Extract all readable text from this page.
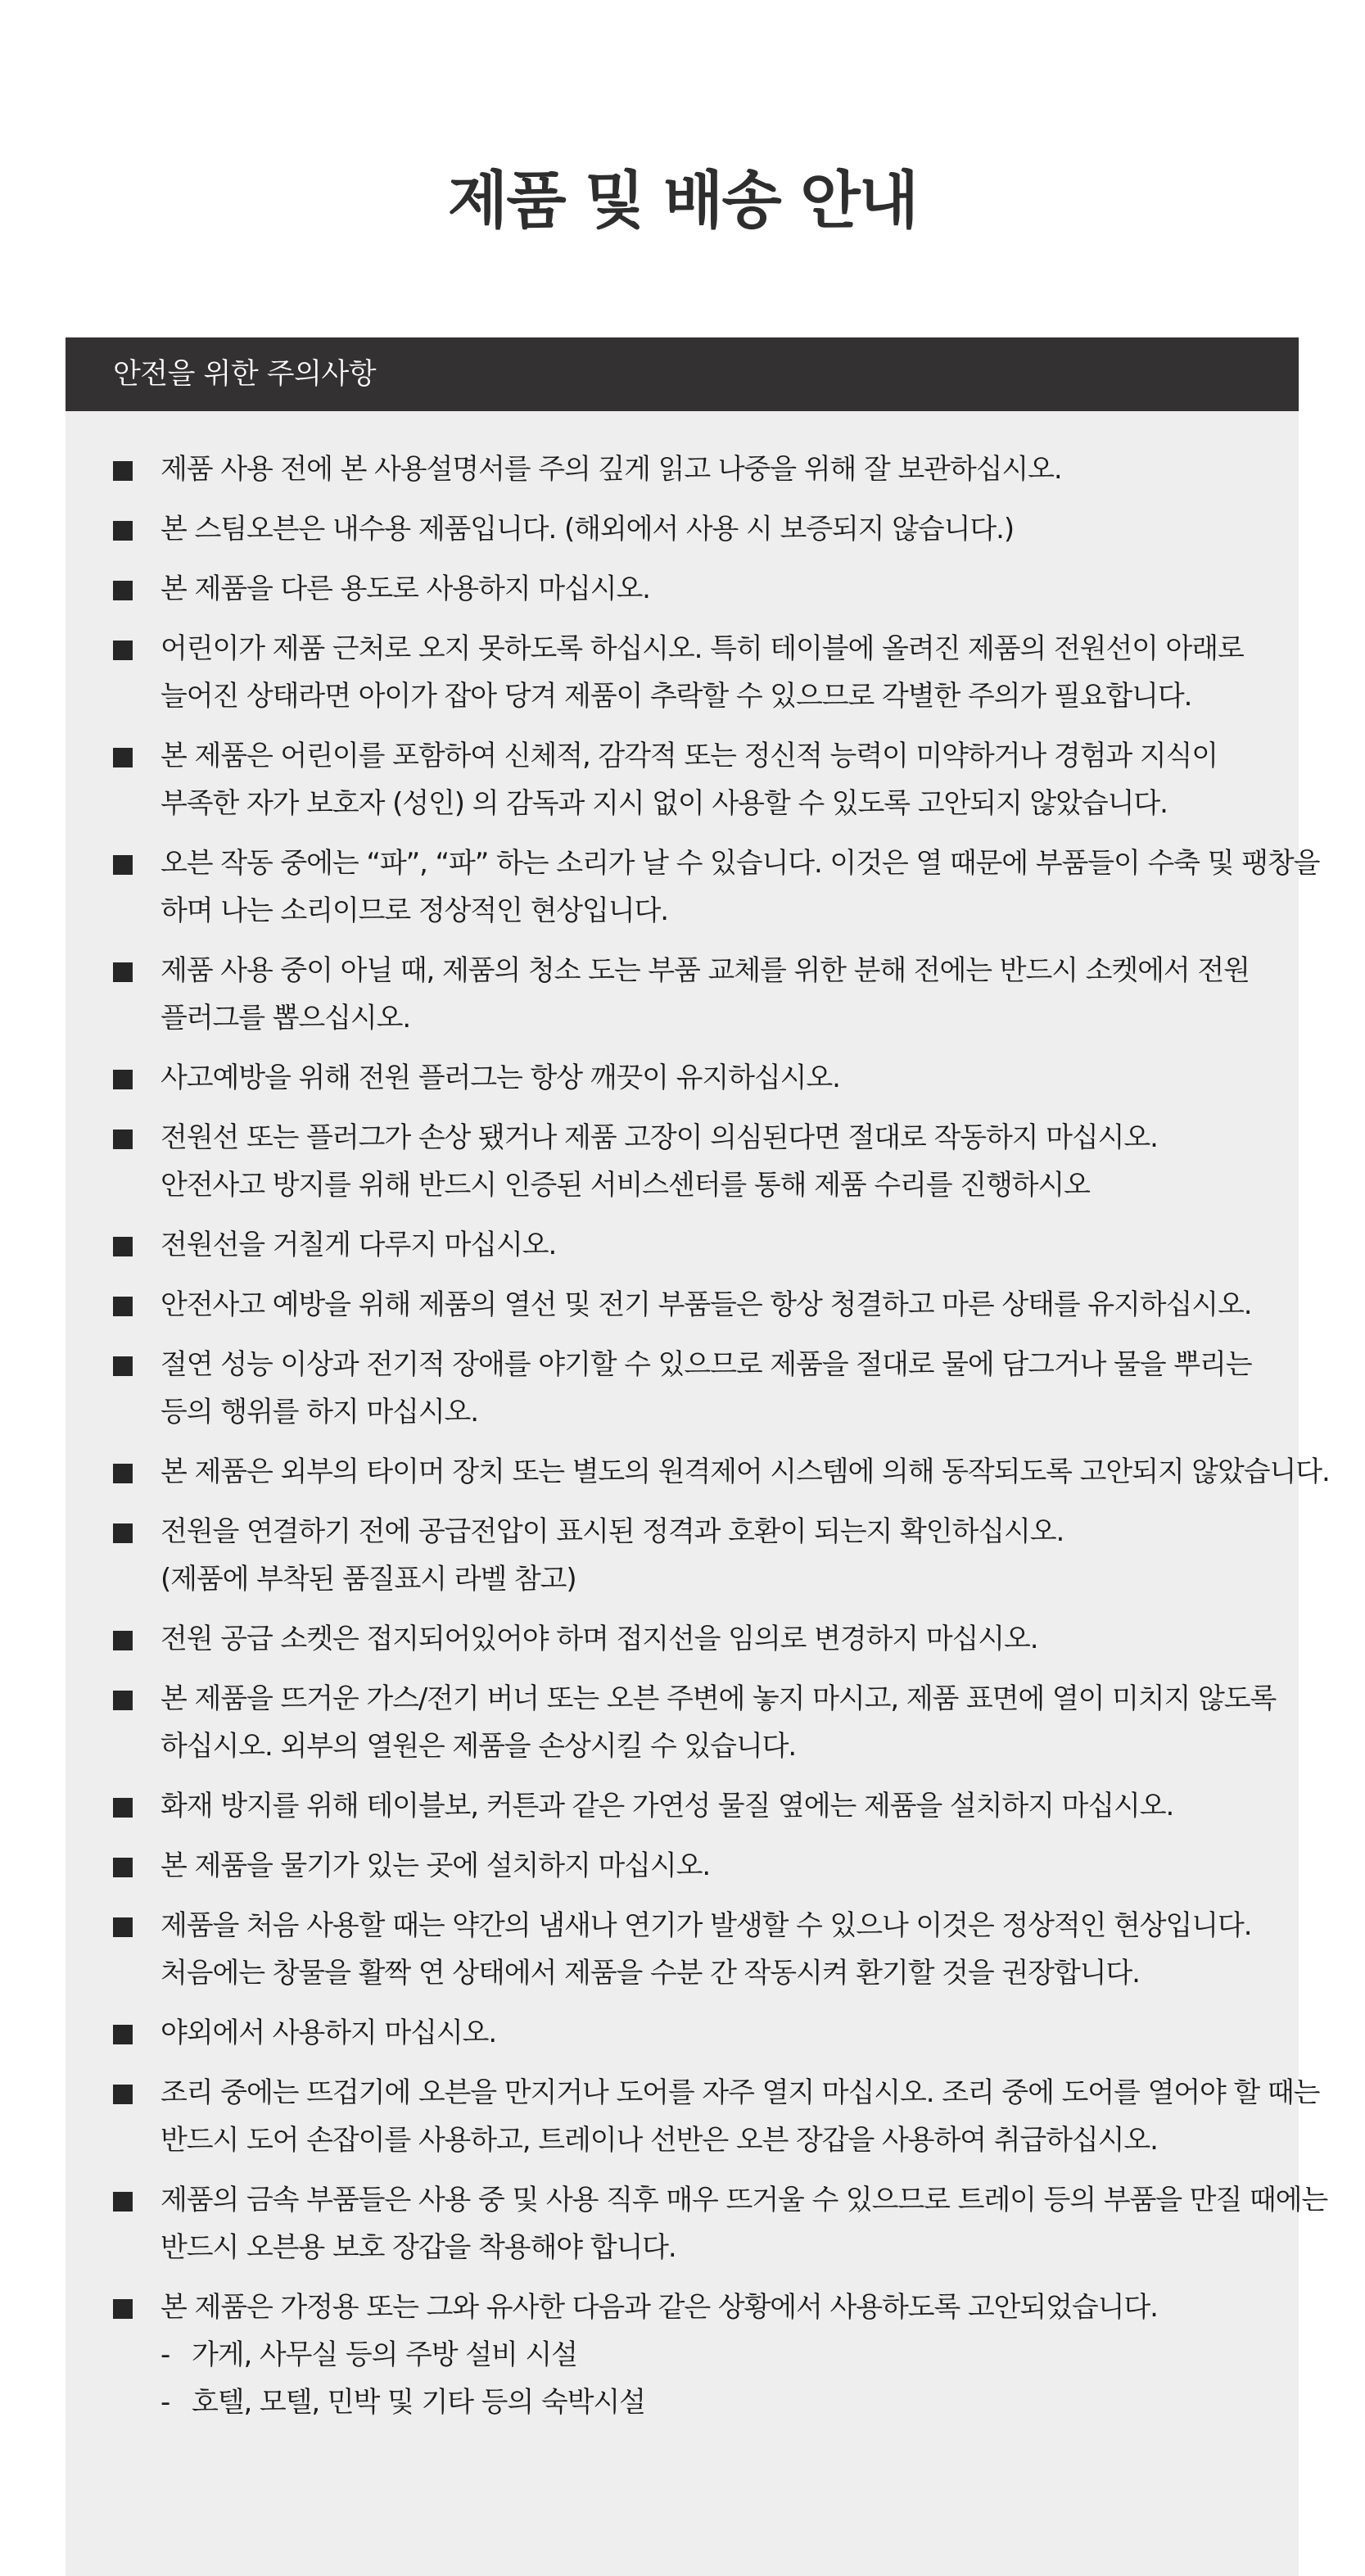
제품 및 배송 안내
안전을 위한 주의사항
제품 사용 전에 본 사용설명서를 주의 깊게 읽고 나중을 위해 잘 보관하십시오.
본 스팀오븐은 내수용 제품입니다. (해외에서 사용 시 보증되지 않습니다.)
본 제품을 다른 용도로 사용하지 마십시오.
어린이가 제품 근처로 오지 못하도록 하십시오. 특히 테이블에 올려진 제품의 전원선이 아래로
늘어진 상태라면 아이가 잡아 당겨 제품이 추락할 수 있으므로 각별한 주의가 필요합니다.
본 제품은 어린이를 포함하여 신체적, 감각적 또는 정신적 능력이 미약하거나 경험과 지식이
부족한 자가 보호자 (성인) 의 감독과 지시 없이 사용할 수 있도록 고안되지 않았습니다.
오븐 작동 중에는 “파”, “파” 하는 소리가 날 수 있습니다. 이것은 열 때문에 부품들이 수축 및 팽창을
하며 나는 소리이므로 정상적인 현상입니다.
제품 사용 중이 아닐 때, 제품의 청소 도는 부품 교체를 위한 분해 전에는 반드시 소켓에서 전원
플러그를 뽑으십시오.
사고예방을 위해 전원 플러그는 항상 깨끗이 유지하십시오.
전원선 또는 플러그가 손상 됐거나 제품 고장이 의심된다면 절대로 작동하지 마십시오.
안전사고 방지를 위해 반드시 인증된 서비스센터를 통해 제품 수리를 진행하시오
전원선을 거칠게 다루지 마십시오.
안전사고 예방을 위해 제품의 열선 및 전기 부품들은 항상 청결하고 마른 상태를 유지하십시오.
절연 성능 이상과 전기적 장애를 야기할 수 있으므로 제품을 절대로 물에 담그거나 물을 뿌리는
등의 행위를 하지 마십시오.
본 제품은 외부의 타이머 장치 또는 별도의 원격제어 시스템에 의해 동작되도록 고안되지 않았습니다.
전원을 연결하기 전에 공급전압이 표시된 정격과 호환이 되는지 확인하십시오.
(제품에 부착된 품질표시 라벨 참고)
전원 공급 소켓은 접지되어있어야 하며 접지선을 임의로 변경하지 마십시오.
본 제품을 뜨거운 가스/전기 버너 또는 오븐 주변에 놓지 마시고, 제품 표면에 열이 미치지 않도록
하십시오. 외부의 열원은 제품을 손상시킬 수 있습니다.
화재 방지를 위해 테이블보, 커튼과 같은 가연성 물질 옆에는 제품을 설치하지 마십시오.
본 제품을 물기가 있는 곳에 설치하지 마십시오.
제품을 처음 사용할 때는 약간의 냄새나 연기가 발생할 수 있으나 이것은 정상적인 현상입니다.
처음에는 창물을 활짝 연 상태에서 제품을 수분 간 작동시켜 환기할 것을 권장합니다.
야외에서 사용하지 마십시오.
조리 중에는 뜨겁기에 오븐을 만지거나 도어를 자주 열지 마십시오. 조리 중에 도어를 열어야 할 때는
반드시 도어 손잡이를 사용하고, 트레이나 선반은 오븐 장갑을 사용하여 취급하십시오.
제품의 금속 부품들은 사용 중 및 사용 직후 매우 뜨거울 수 있으므로 트레이 등의 부품을 만질 때에는
반드시 오븐용 보호 장갑을 착용해야 합니다.
본 제품은 가정용 또는 그와 유사한 다음과 같은 상황에서 사용하도록 고안되었습니다.
- 가게, 사무실 등의 주방 설비 시설
- 호텔, 모텔, 민박 및 기타 등의 숙박시설
